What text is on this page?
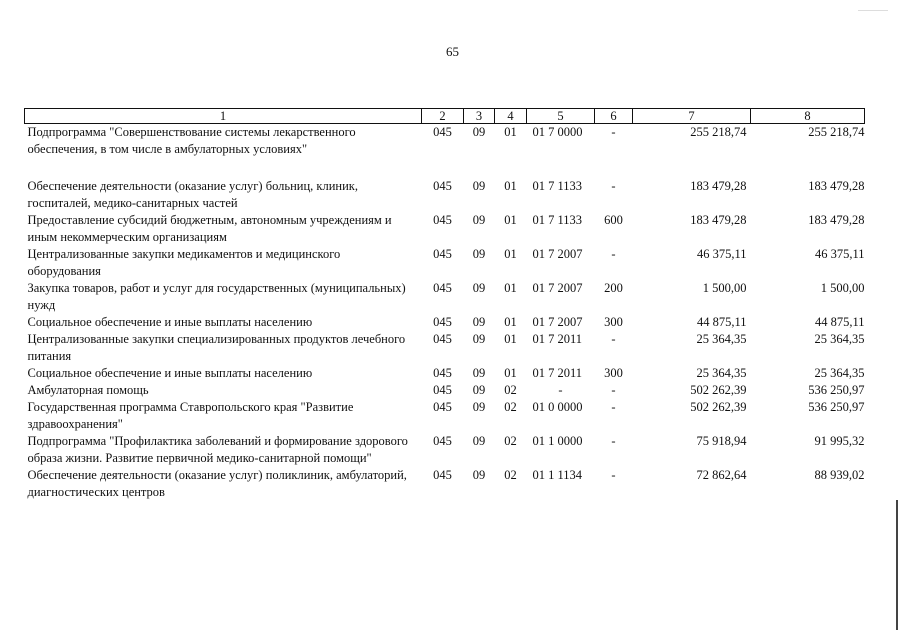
65
1	2	3	4	5	6	7	8
Подпрограмма "Совершенствование системы лекарственного обеспечения, в том числе в амбулаторных условиях"	045	09	01	01 7 0000	-	255 218,74	255 218,74

Обеспечение деятельности (оказание услуг) больниц, клиник, госпиталей, медико-санитарных частей	045	09	01	01 7 1133	-	183 479,28	183 479,28
Предоставление субсидий бюджетным, автономным учреждениям и иным некоммерческим организациям	045	09	01	01 7 1133	600	183 479,28	183 479,28
Централизованные закупки медикаментов и медицинского оборудования	045	09	01	01 7 2007	-	46 375,11	46 375,11
Закупка товаров, работ и услуг для государственных (муниципальных) нужд	045	09	01	01 7 2007	200	1 500,00	1 500,00
Социальное обеспечение и иные выплаты населению	045	09	01	01 7 2007	300	44 875,11	44 875,11
Централизованные закупки специализированных продуктов лечебного питания	045	09	01	01 7 2011	-	25 364,35	25 364,35
Социальное обеспечение и иные выплаты населению	045	09	01	01 7 2011	300	25 364,35	25 364,35
Амбулаторная помощь	045	09	02	-	-	502 262,39	536 250,97
Государственная программа Ставропольского края "Развитие здравоохранения"	045	09	02	01 0 0000	-	502 262,39	536 250,97
Подпрограмма "Профилактика заболеваний и формирование здорового образа жизни. Развитие первичной медико-санитарной помощи"	045	09	02	01 1 0000	-	75 918,94	91 995,32
Обеспечение деятельности (оказание услуг) поликлиник, амбулаторий, диагностических центров	045	09	02	01 1 1134	-	72 862,64	88 939,02
